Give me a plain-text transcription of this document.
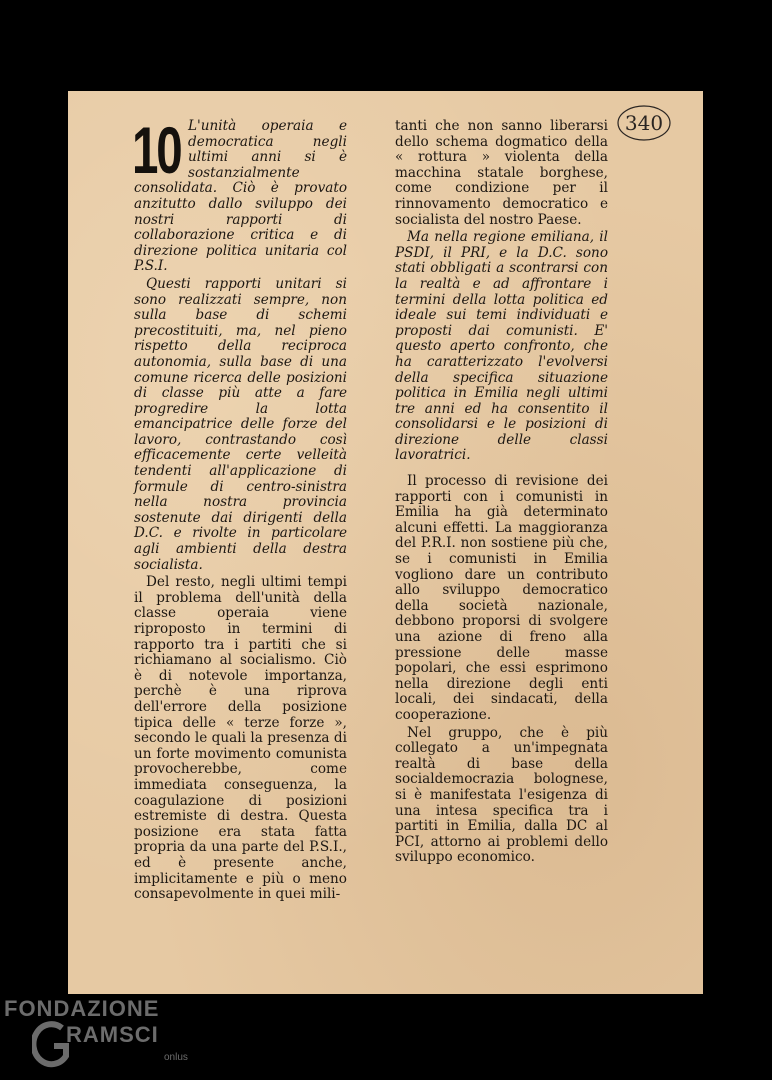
340
10 L'unità operaia e democratica negli ultimi anni si è sostanzialmente consolidata. Ciò è provato anzitutto dallo sviluppo dei nostri rapporti di collaborazione critica e di direzione politica unitaria col P.S.I.

Questi rapporti unitari si sono realizzati sempre, non sulla base di schemi precostituiti, ma, nel pieno rispetto della reciproca autonomia, sulla base di una comune ricerca delle posizioni di classe più atte a fare progredire la lotta emancipatrice delle forze del lavoro, contrastando così efficacemente certe velleità tendenti all'applicazione di formule di centro-sinistra nella nostra provincia sostenute dai dirigenti della D.C. e rivolte in particolare agli ambienti della destra socialista.

Del resto, negli ultimi tempi il problema dell'unità della classe operaia viene riproposto in termini di rapporto tra i partiti che si richiamano al socialismo. Ciò è di notevole importanza, perchè è una riprova dell'errore della posizione tipica delle « terze forze », secondo le quali la presenza di un forte movimento comunista provocherebbe, come immediata conseguenza, la coagulazione di posizioni estremiste di destra. Questa posizione era stata fatta propria da una parte del P.S.I., ed è presente anche, implicitamente e più o meno consapevolmente in quei mili-

tanti che non sanno liberarsi dello schema dogmatico della « rottura » violenta della macchina statale borghese, come condizione per il rinnovamento democratico e socialista del nostro Paese.

Ma nella regione emiliana, il PSDI, il PRI, e la D.C. sono stati obbligati a scontrarsi con la realtà e ad affrontare i termini della lotta politica ed ideale sui temi individuati e proposti dai comunisti. E' questo aperto confronto, che ha caratterizzato l'evolversi della specifica situazione politica in Emilia negli ultimi tre anni ed ha consentito il consolidarsi e le posizioni di direzione delle classi lavoratrici.

Il processo di revisione dei rapporti con i comunisti in Emilia ha già determinato alcuni effetti. La maggioranza del P.R.I. non sostiene più che, se i comunisti in Emilia vogliono dare un contributo allo sviluppo democratico della società nazionale, debbono proporsi di svolgere una azione di freno alla pressione delle masse popolari, che essi esprimono nella direzione degli enti locali, dei sindacati, della cooperazione.

Nel gruppo, che è più collegato a un'impegnata realtà di base della socialdemocrazia bolognese, si è manifestata l'esigenza di una intesa specifica tra i partiti in Emilia, dalla DC al PCI, attorno ai problemi dello sviluppo economico.

FONDAZIONE
RAMSCI
onlus
